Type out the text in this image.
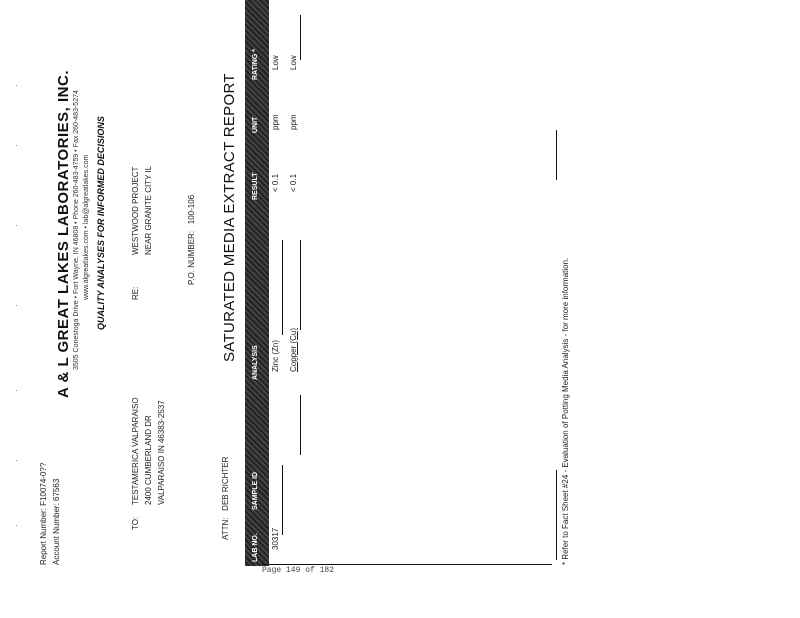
·
·
·
·
·
·
·	Report Number: F10074-0??
Account Number: 67563
A & L GREAT LAKES LABORATORIES, INC. 3505 Conestoga Drive • Fort Wayne, IN 46808 • Phone 260-483-4759 • Fax 260-483-5274 www.algreatlakes.com • lab@algreatlakes.com QUALITY ANALYSES FOR INFORMED DECISIONS
TO:
TESTAMERICA VALPARAISO 2400 CUMBERLAND DR VALPARAISO IN 46383-2537
RE:
WESTWOOD PROJECT NEAR GRANITE CITY IL
P.O. NUMBER:   100-106
ATTN:   DEB RICHTER
SATURATED MEDIA EXTRACT REPORT
LAB NO.
SAMPLE ID
ANALYSIS
RESULT
UNIT
RATING *
30317
Zinc (Zn)
< 0.1
ppm
Low
Copper (Cu)
< 0.1
ppm
Low
Page 149 of 182
* Refer to Fact Sheet #24 - Evaluation of Potting Media Analysis - for more information.
